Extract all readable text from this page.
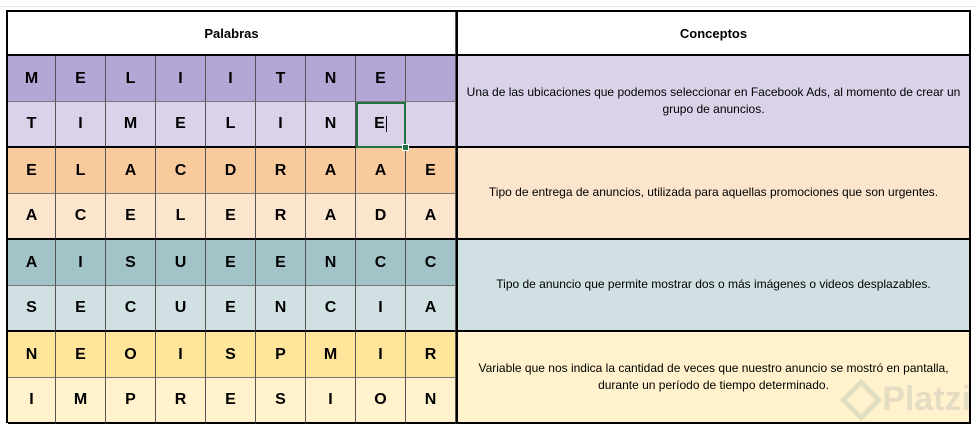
Palabras	Conceptos
M	E	L	I	I	T	N	E
T	I	M	E	L	I	N	E
Una de las ubicaciones que podemos seleccionar en Facebook Ads, al momento de crear un grupo de anuncios.
E	L	A	C	D	R	A	A	E
A	C	E	L	E	R	A	D	A
Tipo de entrega de anuncios, utilizada para aquellas promociones que son urgentes.
A	I	S	U	E	E	N	C	C
S	E	C	U	E	N	C	I	A
Tipo de anuncio que permite mostrar dos o más imágenes o videos desplazables.
N	E	O	I	S	P	M	I	R
I	M	P	R	E	S	I	O	N
Variable que nos indica la cantidad de veces que nuestro anuncio se mostró en pantalla, durante un período de tiempo determinado.	Platzi
